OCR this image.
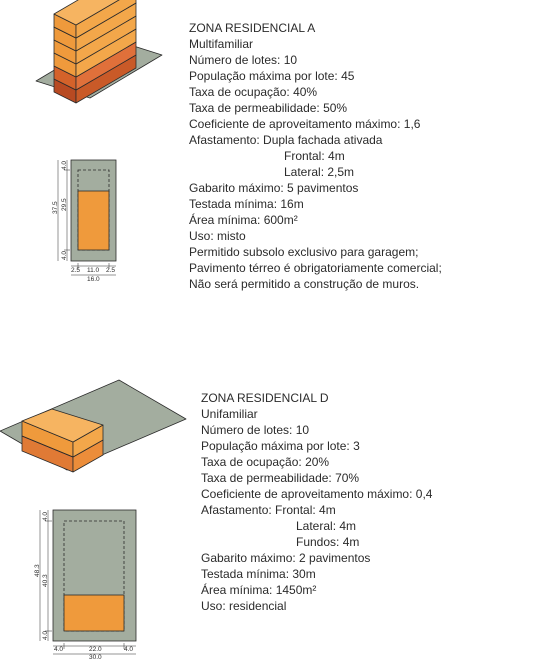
4.0
29.5
4.0
37.5
2.5 11.0 2.5
16.0
4.0
40.3
4.0
48.3
4.0	22.0	4.0
30.0
ZONA RESIDENCIAL A
Multifamiliar
Número de lotes: 10
População máxima por lote: 45
Taxa de ocupação: 40%
Taxa de permeabilidade: 50%
Coeficiente de aproveitamento máximo: 1,6
Afastamento: Dupla fachada ativada
Frontal: 4m
Lateral: 2,5m
Gabarito máximo: 5 pavimentos
Testada mínima: 16m
Área mínima: 600m²
Uso: misto
Permitido subsolo exclusivo para garagem;
Pavimento térreo é obrigatoriamente comercial;
Não será permitido a construção de muros.
ZONA RESIDENCIAL D
Unifamiliar
Número de lotes: 10
População máxima por lote: 3
Taxa de ocupação: 20%
Taxa de permeabilidade: 70%
Coeficiente de aproveitamento máximo: 0,4
Afastamento: Frontal: 4m
Lateral: 4m
Fundos: 4m
Gabarito máximo: 2 pavimentos
Testada mínima: 30m
Área mínima: 1450m²
Uso: residencial
